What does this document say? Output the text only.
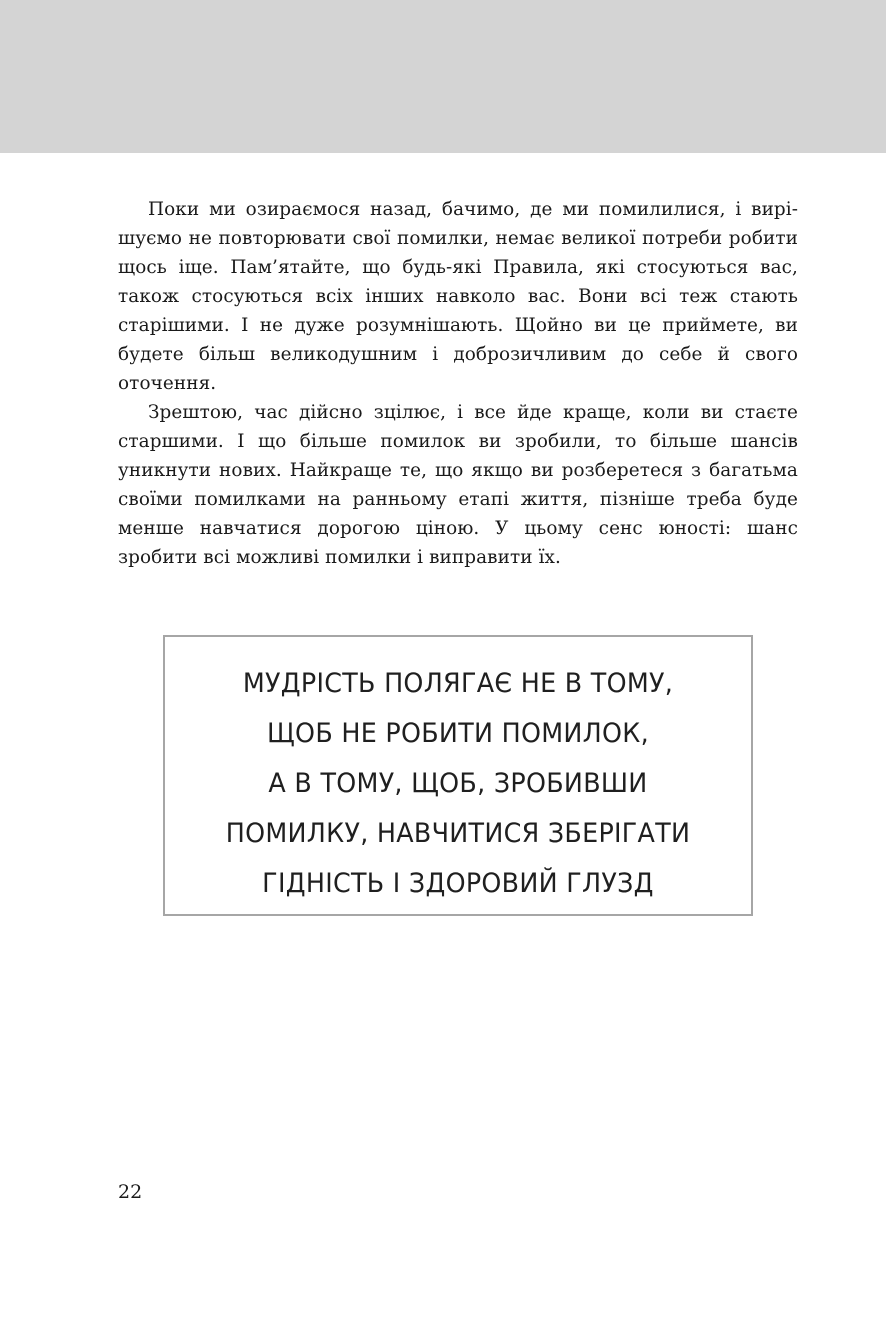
Поки ми озираємося назад, бачимо, де ми помилилися, і вирішуємо не повторювати свої помилки, немає великої потреби робити щось іще. Пам’ятайте, що будь-які Правила, які стосуються вас, також стосуються всіх інших навколо вас. Вони всі теж стають старішими. І не дуже розумнішають. Щойно ви це приймете, ви будете більш великодушним і доброзичливим до себе й свого оточення.

Зрештою, час дійсно зцілює, і все йде краще, коли ви стаєте старшими. І що більше помилок ви зробили, то більше шансів уникнути нових. Найкраще те, що якщо ви розберетеся з багатьма своїми помилками на ранньому етапі життя, пізніше треба буде менше навчатися дорогою ціною. У цьому сенс юності: шанс зробити всі можливі помилки і виправити їх.

МУДРІСТЬ ПОЛЯГАЄ НЕ В ТОМУ,
ЩОБ НЕ РОБИТИ ПОМИЛОК,
А В ТОМУ, ЩОБ, ЗРОБИВШИ
ПОМИЛКУ, НАВЧИТИСЯ ЗБЕРІГАТИ
ГІДНІСТЬ І ЗДОРОВИЙ ГЛУЗД
22
